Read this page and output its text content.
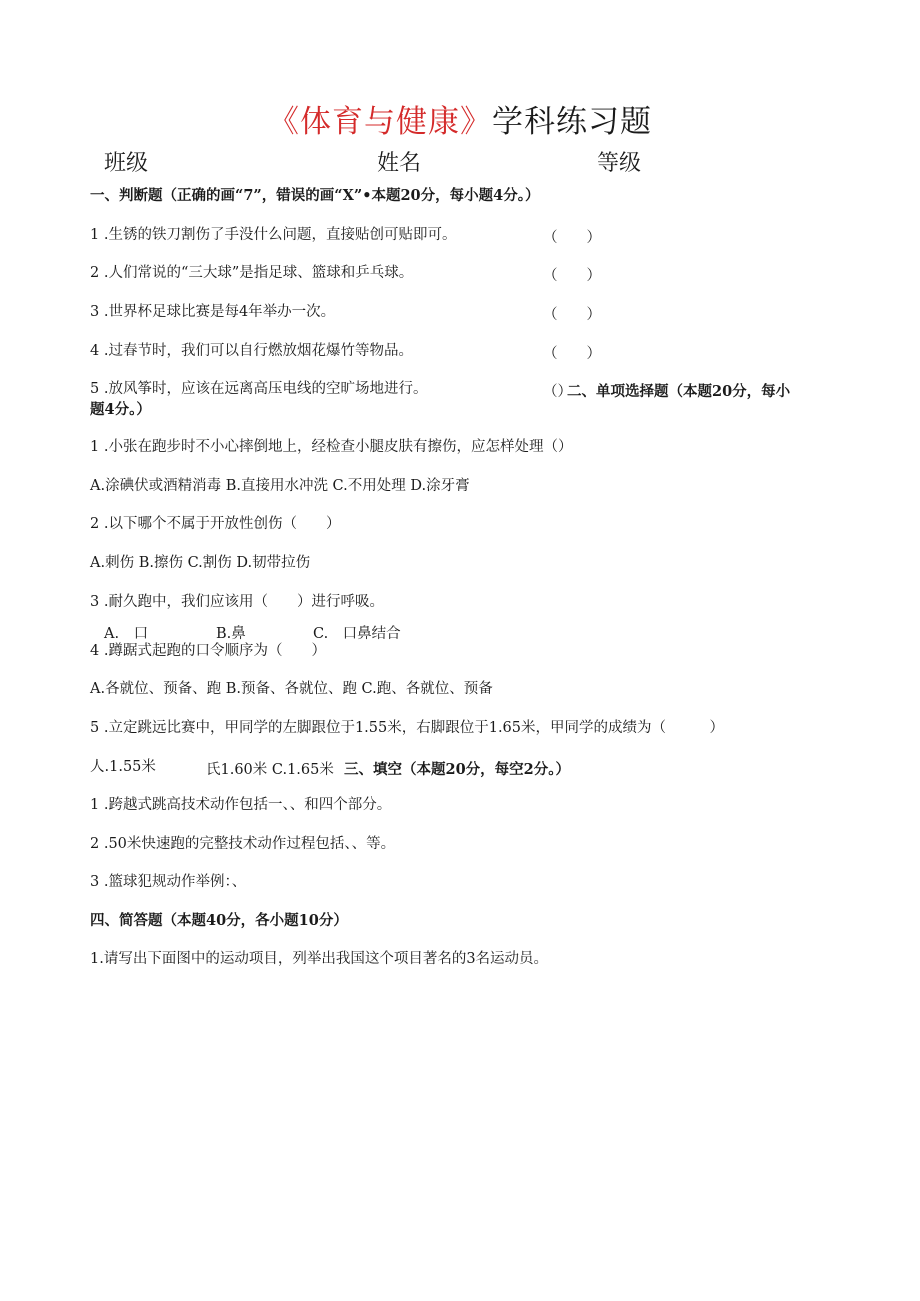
《体育与健康》学科练习题
班级	姓名	等级
一、判断题（正确的画“7”，错误的画“X”•本题20分，每小题4分。）
1 .生锈的铁刀割伤了手没什么问题，直接贴创可贴即可。	（　　）
2 .人们常说的“三大球”是指足球、篮球和乒乓球。	（　　）
3 .世界杯足球比赛是每4年举办一次。	（　　）
4 .过春节时，我们可以自行燃放烟花爆竹等物品。	（　　）
5 .放风筝时，应该在远离高压电线的空旷场地进行。	（）
二、单项选择题（本题20分，每小
题4分。）
1 .小张在跑步时不小心摔倒地上，经检查小腿皮肤有擦伤，应怎样处理（）
A.涂碘伏或酒精消毒 B.直接用水冲洗 C.不用处理 D.涂牙膏
2 .以下哪个不属于开放性创伤（　　）
A.刺伤 B.擦伤 C.割伤 D.韧带拉伤
3 .耐久跑中，我们应该用（　　）进行呼吸。
A.　口	B.鼻	C.　口鼻结合
4 .蹲踞式起跑的口令顺序为（　　）
A.各就位、预备、跑 B.预备、各就位、跑 C.跑、各就位、预备
5 .立定跳远比赛中，甲同学的左脚跟位于1.55米，右脚跟位于1.65米，甲同学的成绩为（　　　）
人.1.55米	氏1.60米 C.1.65米 三、填空（本题20分，每空2分。）
1 .跨越式跳高技术动作包括一、、和四个部分。
2 .50米快速跑的完整技术动作过程包括、、等。
3 .篮球犯规动作举例：、
四、简答题（本题40分，各小题10分）
1.请写出下面图中的运动项目，列举出我国这个项目著名的3名运动员。
